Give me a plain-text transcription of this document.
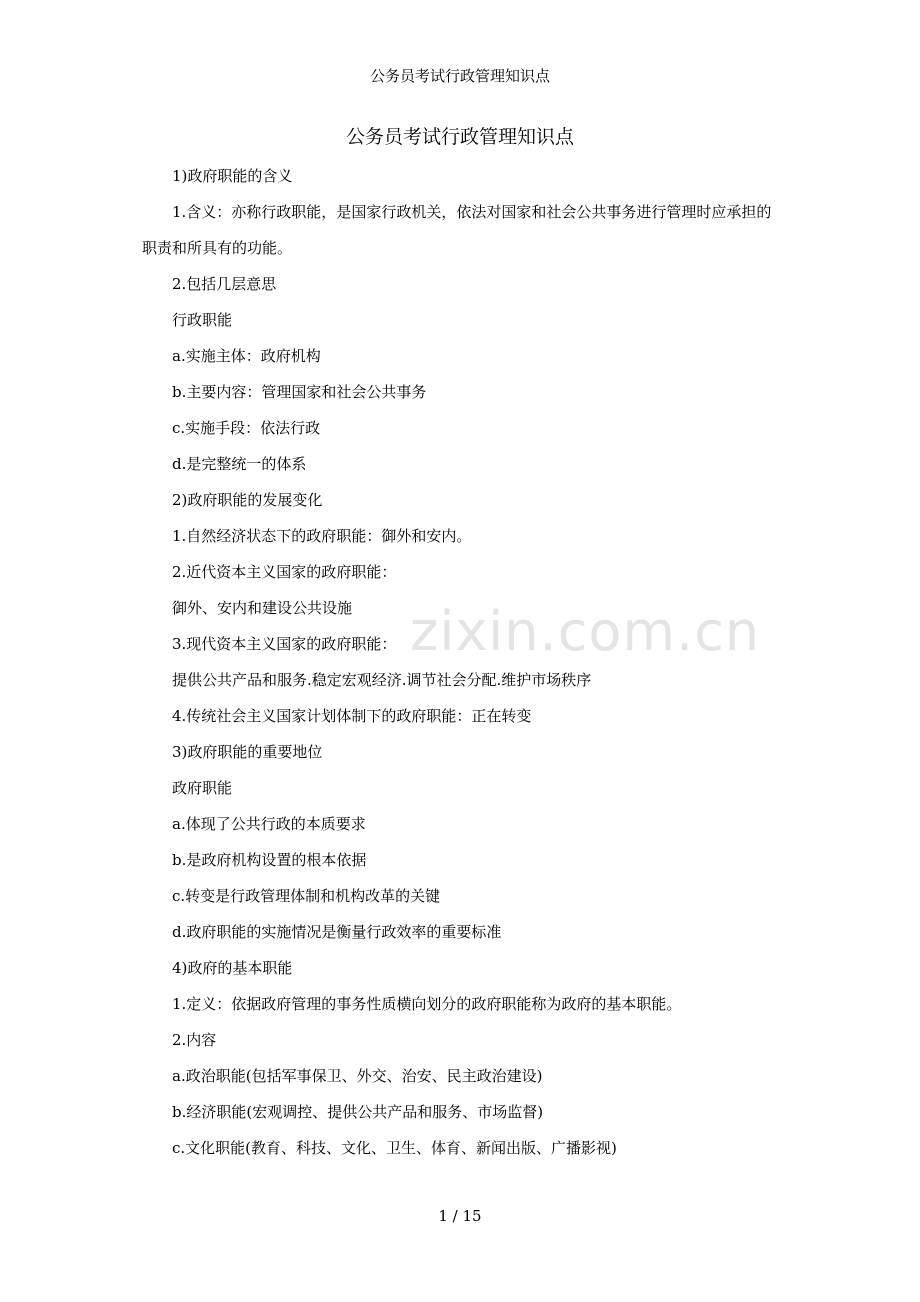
公务员考试行政管理知识点
公务员考试行政管理知识点

1)政府职能的含义

1.含义：亦称行政职能，是国家行政机关，依法对国家和社会公共事务进行管理时应承担的职责和所具有的功能。

2.包括几层意思

行政职能

a.实施主体：政府机构

b.主要内容：管理国家和社会公共事务

c.实施手段：依法行政

d.是完整统一的体系

2)政府职能的发展变化

1.自然经济状态下的政府职能：御外和安内。

2.近代资本主义国家的政府职能：

御外、安内和建设公共设施

3.现代资本主义国家的政府职能：

提供公共产品和服务.稳定宏观经济.调节社会分配.维护市场秩序

4.传统社会主义国家计划体制下的政府职能：正在转变

3)政府职能的重要地位

政府职能

a.体现了公共行政的本质要求

b.是政府机构设置的根本依据

c.转变是行政管理体制和机构改革的关键

d.政府职能的实施情况是衡量行政效率的重要标准

4)政府的基本职能

1.定义：依据政府管理的事务性质横向划分的政府职能称为政府的基本职能。

2.内容

a.政治职能(包括军事保卫、外交、治安、民主政治建设)

b.经济职能(宏观调控、提供公共产品和服务、市场监督)

c.文化职能(教育、科技、文化、卫生、体育、新闻出版、广播影视)

zixin.com.cn
1 / 15
